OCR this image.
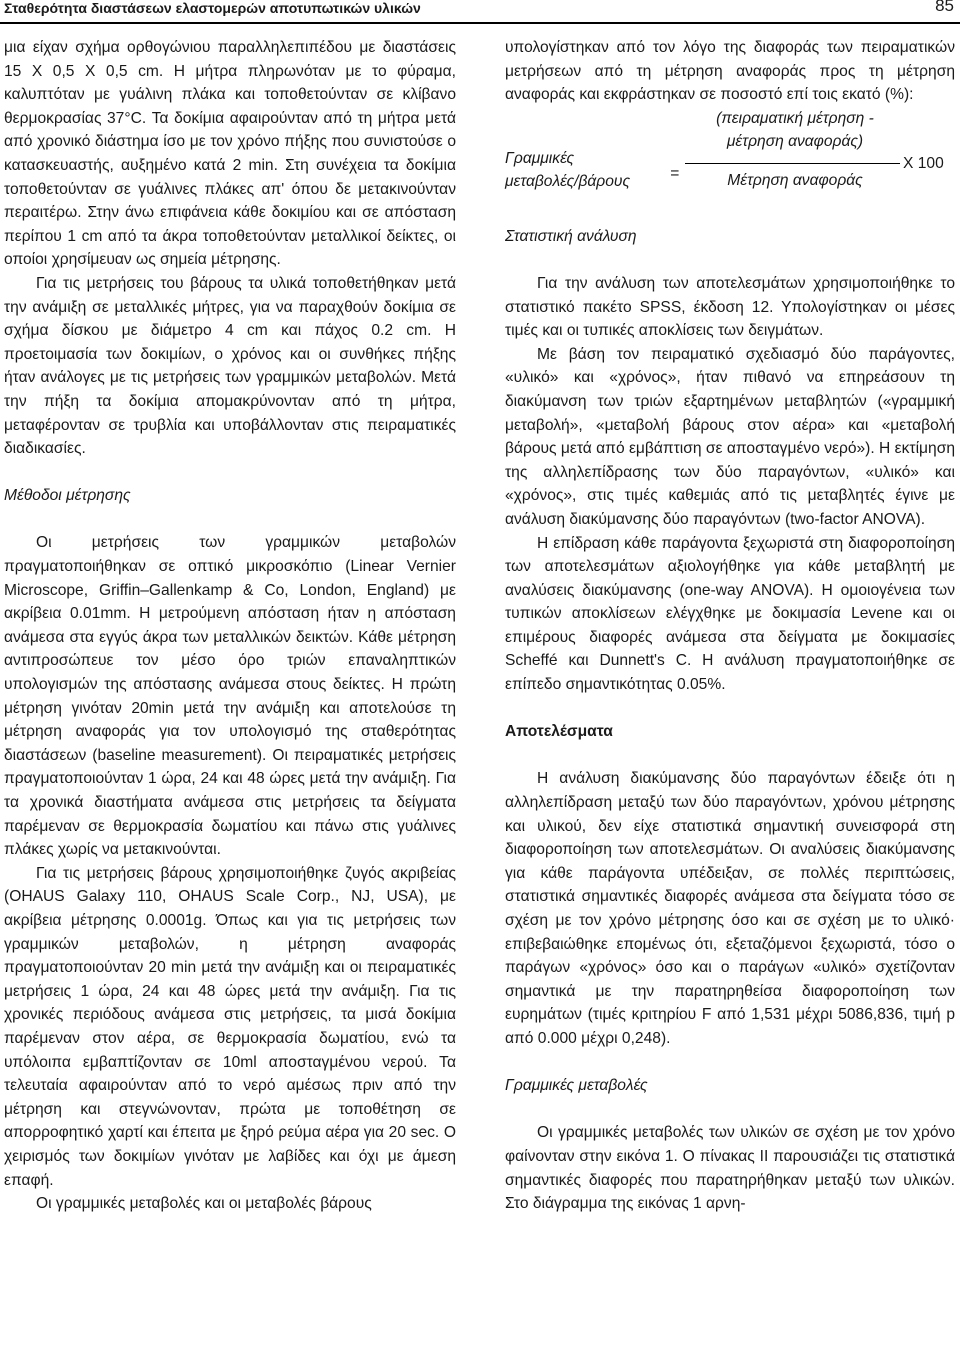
Σταθερότητα διαστάσεων ελαστομερών αποτυπωτικών υλικών	85

μια είχαν σχήμα ορθογώνιου παραλληλεπιπέδου με διαστάσεις 15 Χ 0,5 Χ 0,5 cm. Η μήτρα πληρωνόταν με το φύραμα, καλυπτόταν με γυάλινη πλάκα και τοποθετούνταν σε κλίβανο θερμοκρασίας 37°C. Τα δοκίμια αφαιρούνταν από τη μήτρα μετά από χρονικό διάστημα ίσο με τον χρόνο πήξης που συνιστούσε ο κατασκευαστής, αυξημένο κατά 2 min. Στη συνέχεια τα δοκίμια τοποθετούνταν σε γυάλινες πλάκες απ' όπου δε μετακινούνταν περαιτέρω. Στην άνω επιφάνεια κάθε δοκιμίου και σε απόσταση περίπου 1 cm από τα άκρα τοποθετούνταν μεταλλικοί δείκτες, οι οποίοι χρησίμευαν ως σημεία μέτρησης.

Για τις μετρήσεις του βάρους τα υλικά τοποθετήθηκαν μετά την ανάμιξη σε μεταλλικές μήτρες, για να παραχθούν δοκίμια σε σχήμα δίσκου με διάμετρο 4 cm και πάχος 0.2 cm. Η προετοιμασία των δοκιμίων, ο χρόνος και οι συνθήκες πήξης ήταν ανάλογες με τις μετρήσεις των γραμμικών μεταβολών. Μετά την πήξη τα δοκίμια απομακρύνονταν από τη μήτρα, μεταφέρονταν σε τρυβλία και υποβάλλονταν στις πειραματικές διαδικασίες.

Μέθοδοι μέτρησης

Οι μετρήσεις των γραμμικών μεταβολών πραγματοποιήθηκαν σε οπτικό μικροσκόπιο (Linear Vernier Microscope, Griffin–Gallenkamp & Co, London, England) με ακρίβεια 0.01mm. Η μετρούμενη απόσταση ήταν η απόσταση ανάμεσα στα εγγύς άκρα των μεταλλικών δεικτών. Κάθε μέτρηση αντιπροσώπευε τον μέσο όρο τριών επαναληπτικών υπολογισμών της απόστασης ανάμεσα στους δείκτες. Η πρώτη μέτρηση γινόταν 20min μετά την ανάμιξη και αποτελούσε τη μέτρηση αναφοράς για τον υπολογισμό της σταθερότητας διαστάσεων (baseline measurement). Οι πειραματικές μετρήσεις πραγματοποιούνταν 1 ώρα, 24 και 48 ώρες μετά την ανάμιξη. Για τα χρονικά διαστήματα ανάμεσα στις μετρήσεις τα δείγματα παρέμεναν σε θερμοκρασία δωματίου και πάνω στις γυάλινες πλάκες χωρίς να μετακινούνται.

Για τις μετρήσεις βάρους χρησιμοποιήθηκε ζυγός ακριβείας (OHAUS Galaxy 110, OHAUS Scale Corp., NJ, USA), με ακρίβεια μέτρησης 0.0001g. Όπως και για τις μετρήσεις των γραμμικών μεταβολών, η μέτρηση αναφοράς πραγματοποιούνταν 20 min μετά την ανάμιξη και οι πειραματικές μετρήσεις 1 ώρα, 24 και 48 ώρες μετά την ανάμιξη. Για τις χρονικές περιόδους ανάμεσα στις μετρήσεις, τα μισά δοκίμια παρέμεναν στον αέρα, σε θερμοκρασία δωματίου, ενώ τα υπόλοιπα εμβαπτίζονταν σε 10ml αποσταγμένου νερού. Τα τελευταία αφαιρούνταν από το νερό αμέσως πριν από την μέτρηση και στεγνώνονταν, πρώτα με τοποθέτηση σε απορροφητικό χαρτί και έπειτα με ξηρό ρεύμα αέρα για 20 sec. Ο χειρισμός των δοκιμίων γινόταν με λαβίδες και όχι με άμεση επαφή.

Οι γραμμικές μεταβολές και οι μεταβολές βάρους

υπολογίστηκαν από τον λόγο της διαφοράς των πειραματικών μετρήσεων από τη μέτρηση αναφοράς προς τη μέτρηση αναφοράς και εκφράστηκαν σε ποσοστό επί τοις εκατό (%):

Γραμμικές
μεταβολές/βάρους	=
(πειραματική μέτρηση -
μέτρηση αναφοράς)
Μέτρηση αναφοράς
Χ 100

Στατιστική ανάλυση

Για την ανάλυση των αποτελεσμάτων χρησιμοποιήθηκε το στατιστικό πακέτο SPSS, έκδοση 12. Υπολογίστηκαν οι μέσες τιμές και οι τυπικές αποκλίσεις των δειγμάτων.

Με βάση τον πειραματικό σχεδιασμό δύο παράγοντες, «υλικό» και «χρόνος», ήταν πιθανό να επηρεάσουν τη διακύμανση των τριών εξαρτημένων μεταβλητών («γραμμική μεταβολή», «μεταβολή βάρους στον αέρα» και «μεταβολή βάρους μετά από εμβάπτιση σε αποσταγμένο νερό»). Η εκτίμηση της αλληλεπίδρασης των δύο παραγόντων, «υλικό» και «χρόνος», στις τιμές καθεμιάς από τις μεταβλητές έγινε με ανάλυση διακύμανσης δύο παραγόντων (two-factor ANOVA).

Η επίδραση κάθε παράγοντα ξεχωριστά στη διαφοροποίηση των αποτελεσμάτων αξιολογήθηκε για κάθε μεταβλητή με αναλύσεις διακύμανσης (one-way ANOVA). Η ομοιογένεια των τυπικών αποκλίσεων ελέγχθηκε με δοκιμασία Levene και οι επιμέρους διαφορές ανάμεσα στα δείγματα με δοκιμασίες Scheffé και Dunnett's C. Η ανάλυση πραγματοποιήθηκε σε επίπεδο σημαντικότητας 0.05%.

Αποτελέσματα

Η ανάλυση διακύμανσης δύο παραγόντων έδειξε ότι η αλληλεπίδραση μεταξύ των δύο παραγόντων, χρόνου μέτρησης και υλικού, δεν είχε στατιστικά σημαντική συνεισφορά στη διαφοροποίηση των αποτελεσμάτων. Οι αναλύσεις διακύμανσης για κάθε παράγοντα υπέδειξαν, σε πολλές περιπτώσεις, στατιστικά σημαντικές διαφορές ανάμεσα στα δείγματα τόσο σε σχέση με τον χρόνο μέτρησης όσο και σε σχέση με το υλικό· επιβεβαιώθηκε επομένως ότι, εξεταζόμενοι ξεχωριστά, τόσο ο παράγων «χρόνος» όσο και ο παράγων «υλικό» σχετίζονταν σημαντικά με την παρατηρηθείσα διαφοροποίηση των ευρημάτων (τιμές κριτηρίου F από 1,531 μέχρι 5086,836, τιμή p από 0.000 μέχρι 0,248).

Γραμμικές μεταβολές

Οι γραμμικές μεταβολές των υλικών σε σχέση με τον χρόνο φαίνονταν στην εικόνα 1. Ο πίνακας ΙΙ παρουσιάζει τις στατιστικά σημαντικές διαφορές που παρατηρήθηκαν μεταξύ των υλικών. Στο διάγραμμα της εικόνας 1 αρνη-
